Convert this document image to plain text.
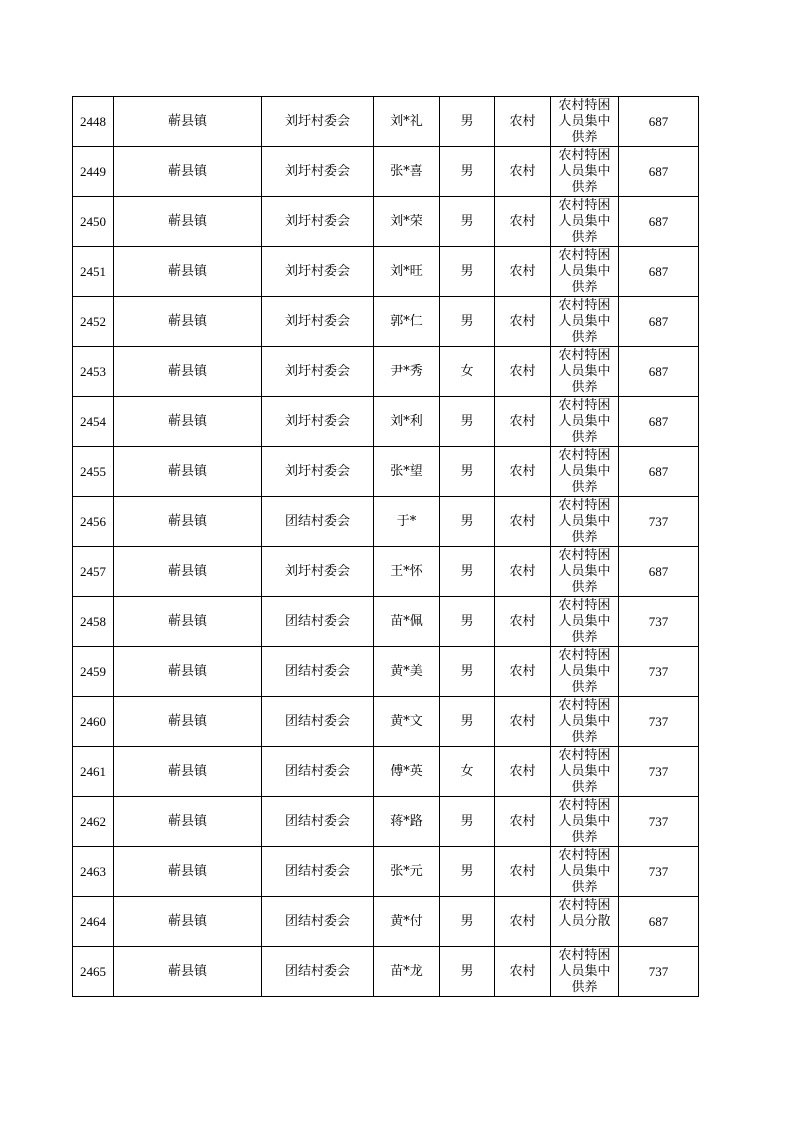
2448	蕲县镇	刘圩村委会	刘*礼	男	农村	农村特困人员集中供养	687
2449	蕲县镇	刘圩村委会	张*喜	男	农村	农村特困人员集中供养	687
2450	蕲县镇	刘圩村委会	刘*荣	男	农村	农村特困人员集中供养	687
2451	蕲县镇	刘圩村委会	刘*旺	男	农村	农村特困人员集中供养	687
2452	蕲县镇	刘圩村委会	郭*仁	男	农村	农村特困人员集中供养	687
2453	蕲县镇	刘圩村委会	尹*秀	女	农村	农村特困人员集中供养	687
2454	蕲县镇	刘圩村委会	刘*利	男	农村	农村特困人员集中供养	687
2455	蕲县镇	刘圩村委会	张*望	男	农村	农村特困人员集中供养	687
2456	蕲县镇	团结村委会	于*	男	农村	农村特困人员集中供养	737
2457	蕲县镇	刘圩村委会	王*怀	男	农村	农村特困人员集中供养	687
2458	蕲县镇	团结村委会	苗*佩	男	农村	农村特困人员集中供养	737
2459	蕲县镇	团结村委会	黄*美	男	农村	农村特困人员集中供养	737
2460	蕲县镇	团结村委会	黄*文	男	农村	农村特困人员集中供养	737
2461	蕲县镇	团结村委会	傅*英	女	农村	农村特困人员集中供养	737
2462	蕲县镇	团结村委会	蒋*路	男	农村	农村特困人员集中供养	737
2463	蕲县镇	团结村委会	张*元	男	农村	农村特困人员集中供养	737
2464	蕲县镇	团结村委会	黄*付	男	农村	农村特困人员分散	687
2465	蕲县镇	团结村委会	苗*龙	男	农村	农村特困人员集中供养	737
